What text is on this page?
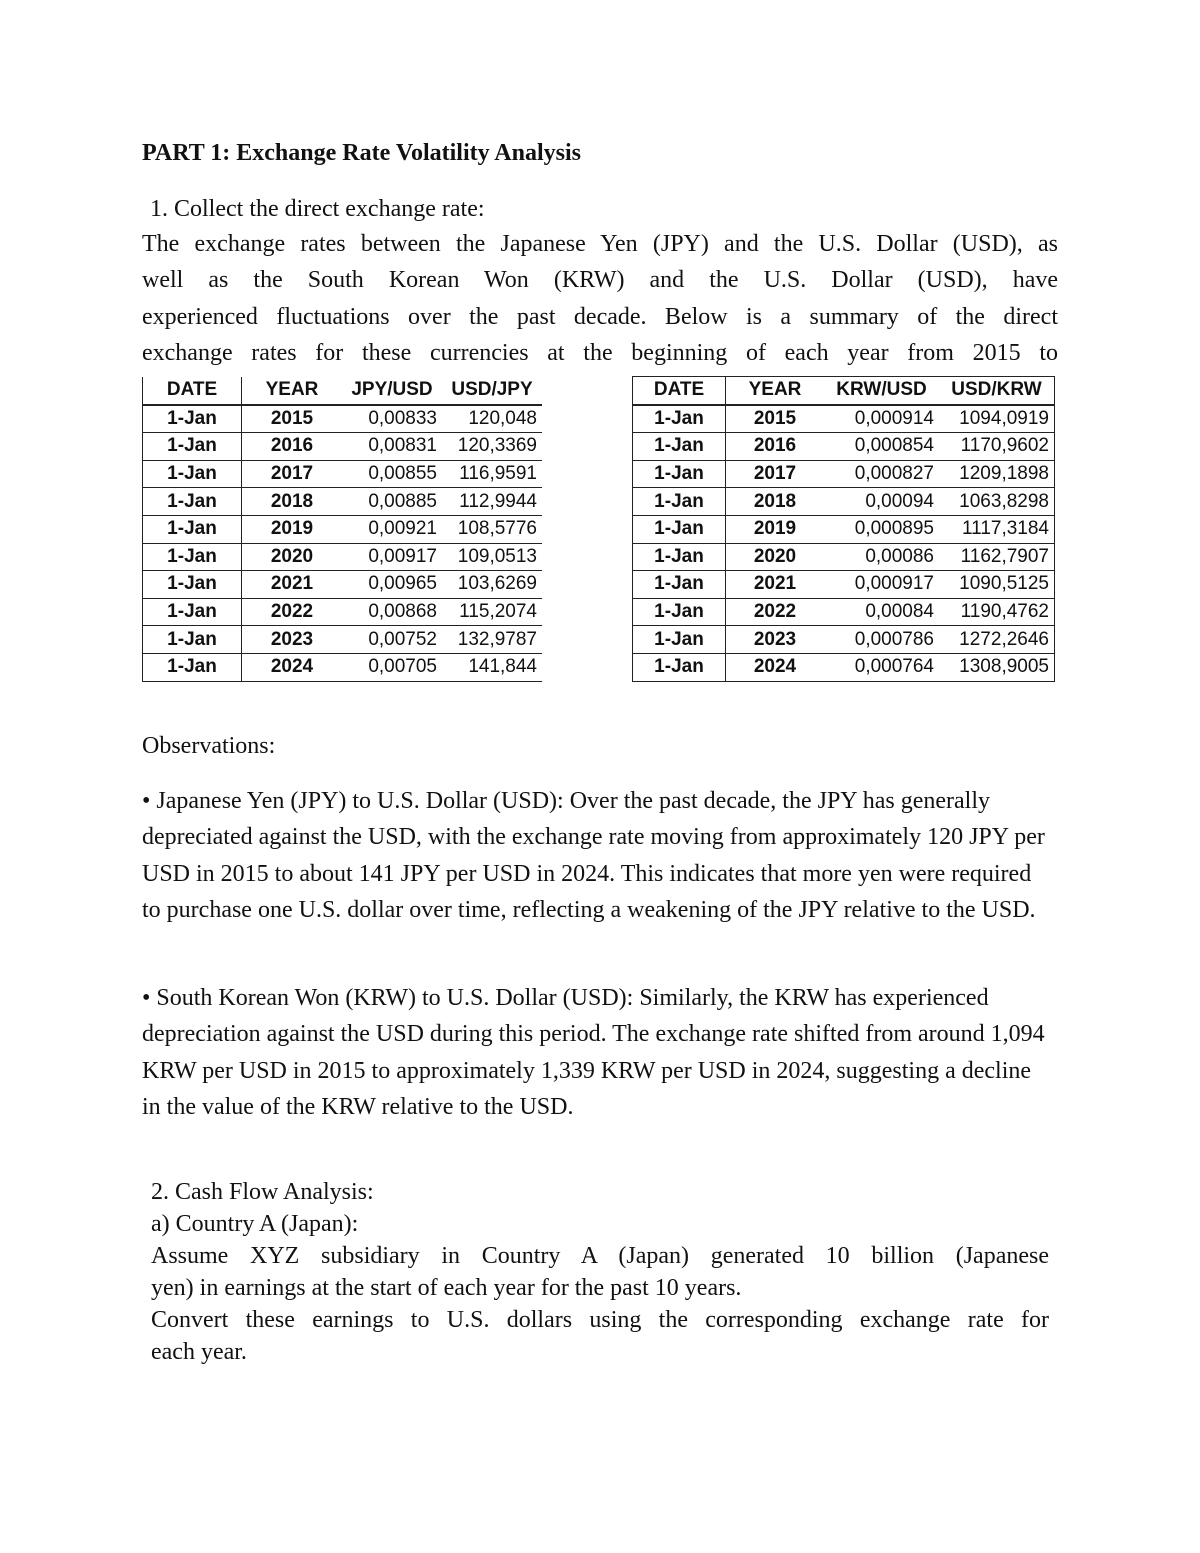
PART 1: Exchange Rate Volatility Analysis
1. Collect the direct exchange rate:
The exchange rates between the Japanese Yen (JPY) and the U.S. Dollar (USD), as
well as the South Korean Won (KRW) and the U.S. Dollar (USD), have
experienced fluctuations over the past decade. Below is a summary of the direct
exchange rates for these currencies at the beginning of each year from 2015 to
DATE	YEAR	JPY/USD	USD/JPY
1-Jan	2015	0,00833	120,048
1-Jan	2016	0,00831	120,3369
1-Jan	2017	0,00855	116,9591
1-Jan	2018	0,00885	112,9944
1-Jan	2019	0,00921	108,5776
1-Jan	2020	0,00917	109,0513
1-Jan	2021	0,00965	103,6269
1-Jan	2022	0,00868	115,2074
1-Jan	2023	0,00752	132,9787
1-Jan	2024	0,00705	141,844
DATE	YEAR	KRW/USD	USD/KRW
1-Jan	2015	0,000914	1094,0919
1-Jan	2016	0,000854	1170,9602
1-Jan	2017	0,000827	1209,1898
1-Jan	2018	0,00094	1063,8298
1-Jan	2019	0,000895	1117,3184
1-Jan	2020	0,00086	1162,7907
1-Jan	2021	0,000917	1090,5125
1-Jan	2022	0,00084	1190,4762
1-Jan	2023	0,000786	1272,2646
1-Jan	2024	0,000764	1308,9005
Observations:
• Japanese Yen (JPY) to U.S. Dollar (USD): Over the past decade, the JPY has generally depreciated against the USD, with the exchange rate moving from approximately 120 JPY per USD in 2015 to about 141 JPY per USD in 2024. This indicates that more yen were required to purchase one U.S. dollar over time, reflecting a weakening of the JPY relative to the USD.
• South Korean Won (KRW) to U.S. Dollar (USD): Similarly, the KRW has experienced depreciation against the USD during this period. The exchange rate shifted from around 1,094 KRW per USD in 2015 to approximately 1,339 KRW per USD in 2024, suggesting a decline in the value of the KRW relative to the USD.
2. Cash Flow Analysis:
a) Country A (Japan):
Assume XYZ subsidiary in Country A (Japan) generated 10 billion (Japanese
yen) in earnings at the start of each year for the past 10 years.
Convert these earnings to U.S. dollars using the corresponding exchange rate for
each year.
